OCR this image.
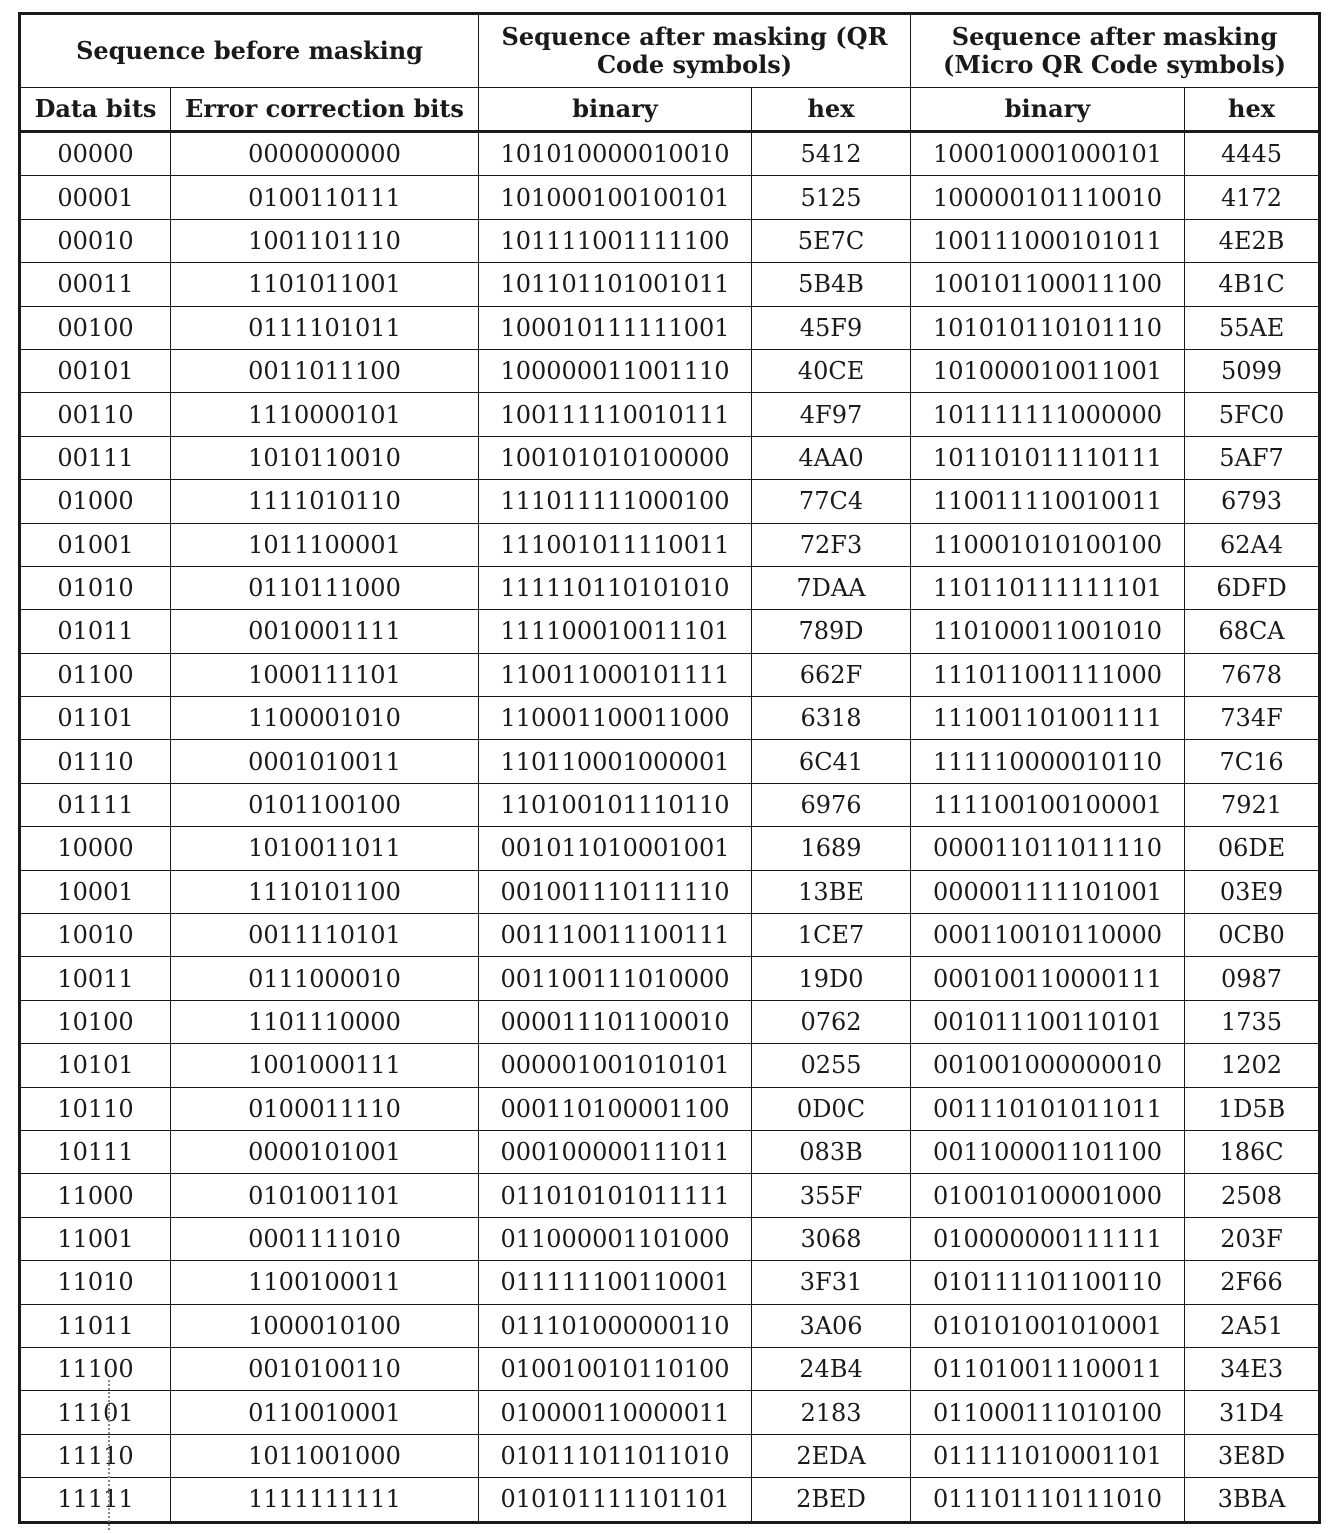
Sequence before masking		Sequence after masking (QR Code symbols)		Sequence after masking (Micro QR Code symbols)	
Data bits	Error correction bits	binary	hex	binary	hex
00000	0000000000	101010000010010	5412	100010001000101	4445
00001	0100110111	101000100100101	5125	100000101110010	4172
00010	1001101110	101111001111100	5E7C	100111000101011	4E2B
00011	1101011001	101101101001011	5B4B	100101100011100	4B1C
00100	0111101011	100010111111001	45F9	101010110101110	55AE
00101	0011011100	100000011001110	40CE	101000010011001	5099
00110	1110000101	100111110010111	4F97	101111111000000	5FC0
00111	1010110010	100101010100000	4AA0	101101011110111	5AF7
01000	1111010110	111011111000100	77C4	110011110010011	6793
01001	1011100001	111001011110011	72F3	110001010100100	62A4
01010	0110111000	111110110101010	7DAA	110110111111101	6DFD
01011	0010001111	111100010011101	789D	110100011001010	68CA
01100	1000111101	110011000101111	662F	111011001111000	7678
01101	1100001010	110001100011000	6318	111001101001111	734F
01110	0001010011	110110001000001	6C41	111110000010110	7C16
01111	0101100100	110100101110110	6976	111100100100001	7921
10000	1010011011	001011010001001	1689	000011011011110	06DE
10001	1110101100	001001110111110	13BE	000001111101001	03E9
10010	0011110101	001110011100111	1CE7	000110010110000	0CB0
10011	0111000010	001100111010000	19D0	000100110000111	0987
10100	1101110000	000011101100010	0762	001011100110101	1735
10101	1001000111	000001001010101	0255	001001000000010	1202
10110	0100011110	000110100001100	0D0C	001110101011011	1D5B
10111	0000101001	000100000111011	083B	001100001101100	186C
11000	0101001101	011010101011111	355F	010010100001000	2508
11001	0001111010	011000001101000	3068	010000000111111	203F
11010	1100100011	011111100110001	3F31	010111101100110	2F66
11011	1000010100	011101000000110	3A06	010101001010001	2A51
11100	0010100110	010010010110100	24B4	011010011100011	34E3
11101	0110010001	010000110000011	2183	011000111010100	31D4
11110	1011001000	010111011011010	2EDA	011111010001101	3E8D
11111	1111111111	010101111101101	2BED	011101110111010	3BBA
